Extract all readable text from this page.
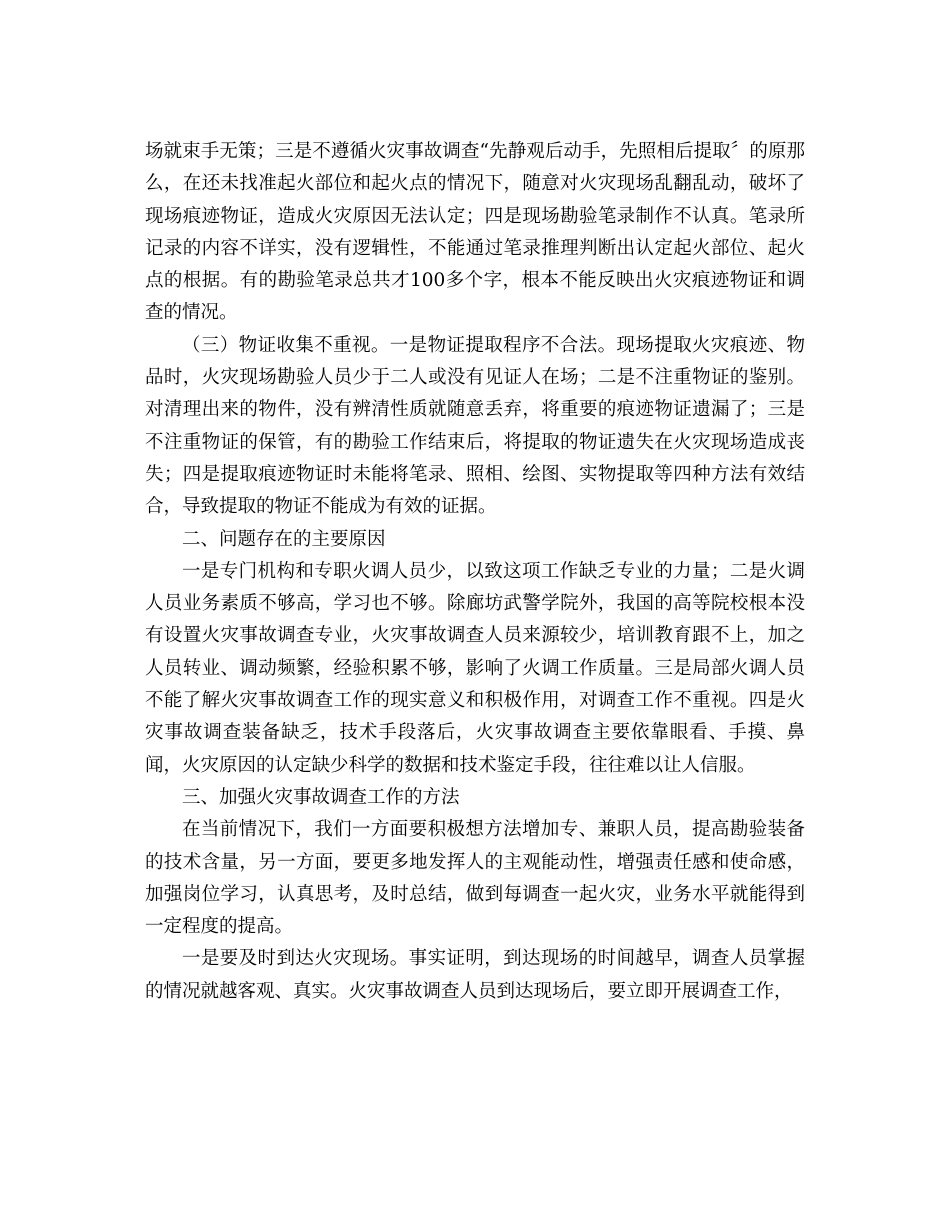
场就束手无策；三是不遵循火灾事故调查“先静观后动手，先照相后提取〞的原那么，在还未找准起火部位和起火点的情况下，随意对火灾现场乱翻乱动，破坏了现场痕迹物证，造成火灾原因无法认定；四是现场勘验笔录制作不认真。笔录所记录的内容不详实，没有逻辑性，不能通过笔录推理判断出认定起火部位、起火点的根据。有的勘验笔录总共才100多个字，根本不能反映出火灾痕迹物证和调查的情况。

（三）物证收集不重视。一是物证提取程序不合法。现场提取火灾痕迹、物品时，火灾现场勘验人员少于二人或没有见证人在场；二是不注重物证的鉴别。对清理出来的物件，没有辨清性质就随意丢弃，将重要的痕迹物证遗漏了；三是不注重物证的保管，有的勘验工作结束后，将提取的物证遗失在火灾现场造成丧失；四是提取痕迹物证时未能将笔录、照相、绘图、实物提取等四种方法有效结合，导致提取的物证不能成为有效的证据。

二、问题存在的主要原因

一是专门机构和专职火调人员少，以致这项工作缺乏专业的力量；二是火调人员业务素质不够高，学习也不够。除廊坊武警学院外，我国的高等院校根本没有设置火灾事故调查专业，火灾事故调查人员来源较少，培训教育跟不上，加之人员转业、调动频繁，经验积累不够，影响了火调工作质量。三是局部火调人员不能了解火灾事故调查工作的现实意义和积极作用，对调查工作不重视。四是火灾事故调查装备缺乏，技术手段落后，火灾事故调查主要依靠眼看、手摸、鼻闻，火灾原因的认定缺少科学的数据和技术鉴定手段，往往难以让人信服。

三、加强火灾事故调查工作的方法

在当前情况下，我们一方面要积极想方法增加专、兼职人员，提高勘验装备的技术含量，另一方面，要更多地发挥人的主观能动性，增强责任感和使命感，加强岗位学习，认真思考，及时总结，做到每调查一起火灾，业务水平就能得到一定程度的提高。

一是要及时到达火灾现场。事实证明，到达现场的时间越早，调查人员掌握的情况就越客观、真实。火灾事故调查人员到达现场后，要立即开展调查工作，
